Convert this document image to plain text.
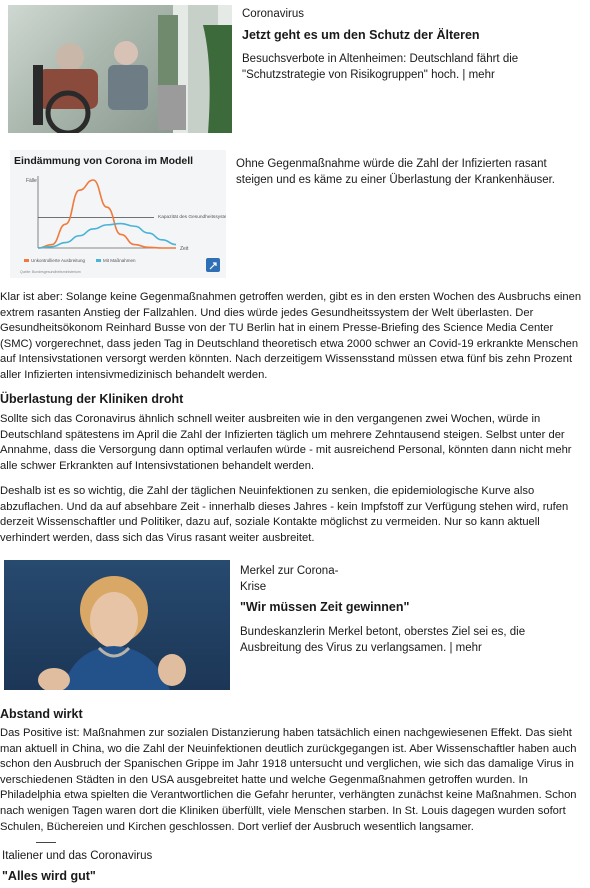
Coronavirus
Jetzt geht es um den Schutz der Älteren
Besuchsverbote in Altenheimen: Deutschland fährt die "Schutzstrategie von Risikogruppen" hoch. | mehr
Eindämmung von Corona im Modell
Fälle
Kapazität des Gesundheitssystems
Zeit
Unkontrollierte Ausbreitung	Mit Maßnahmen
Quelle: Bundesgesundheitsministerium
Ohne Gegenmaßnahme würde die Zahl der Infizierten rasant steigen und es käme zu einer Überlastung der Krankenhäuser.

Klar ist aber: Solange keine Gegenmaßnahmen getroffen werden, gibt es in den ersten Wochen des Ausbruchs einen extrem rasanten Anstieg der Fallzahlen. Und dies würde jedes Gesundheitssystem der Welt überlasten. Der Gesundheitsökonom Reinhard Busse von der TU Berlin hat in einem Presse-Briefing des Science Media Center (SMC) vorgerechnet, dass jeden Tag in Deutschland theoretisch etwa 2000 schwer an Covid-19 erkrankte Menschen auf Intensivstationen versorgt werden könnten. Nach derzeitigem Wissensstand müssen etwa fünf bis zehn Prozent aller Infizierten intensivmedizinisch behandelt werden.

Überlastung der Kliniken droht

Sollte sich das Coronavirus ähnlich schnell weiter ausbreiten wie in den vergangenen zwei Wochen, würde in Deutschland spätestens im April die Zahl der Infizierten täglich um mehrere Zehntausend steigen. Selbst unter der Annahme, dass die Versorgung dann optimal verlaufen würde - mit ausreichend Personal, könnten dann nicht mehr alle schwer Erkrankten auf Intensivstationen behandelt werden.

Deshalb ist es so wichtig, die Zahl der täglichen Neuinfektionen zu senken, die epidemiologische Kurve also abzuflachen. Und da auf absehbare Zeit - innerhalb dieses Jahres - kein Impfstoff zur Verfügung stehen wird, rufen derzeit Wissenschaftler und Politiker, dazu auf, soziale Kontakte möglichst zu vermeiden. Nur so kann aktuell verhindert werden, dass sich das Virus rasant weiter ausbreitet.

Merkel zur Corona-Krise
"Wir müssen Zeit gewinnen"
Bundeskanzlerin Merkel betont, oberstes Ziel sei es, die Ausbreitung des Virus zu verlangsamen. | mehr
Abstand wirkt

Das Positive ist: Maßnahmen zur sozialen Distanzierung haben tatsächlich einen nachgewiesenen Effekt. Das sieht man aktuell in China, wo die Zahl der Neuinfektionen deutlich zurückgegangen ist. Aber Wissenschaftler haben auch schon den Ausbruch der Spanischen Grippe im Jahr 1918 untersucht und verglichen, wie sich das damalige Virus in verschiedenen Städten in den USA ausgebreitet hatte und welche Gegenmaßnahmen getroffen wurden. In Philadelphia etwa spielten die Verantwortlichen die Gefahr herunter, verhängten zunächst keine Maßnahmen. Schon nach wenigen Tagen waren dort die Kliniken überfüllt, viele Menschen starben. In St. Louis dagegen wurden sofort Schulen, Büchereien und Kirchen geschlossen. Dort verlief der Ausbruch wesentlich langsamer.

Italiener und das Coronavirus
"Alles wird gut"
